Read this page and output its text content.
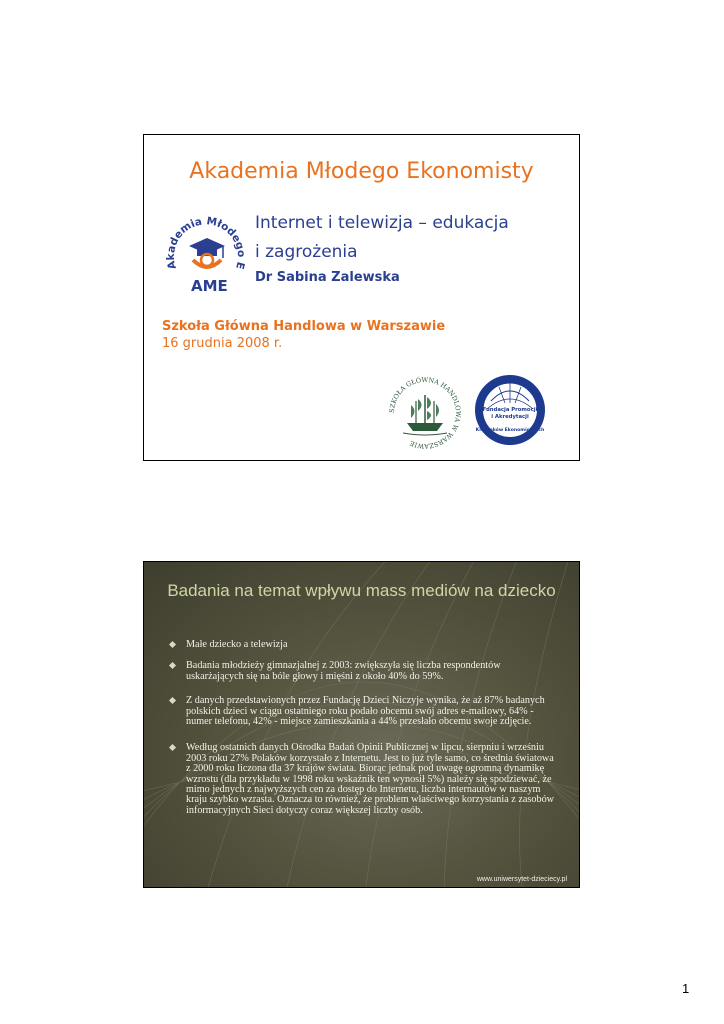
Akademia Młodego Ekonomisty
Akademia Młodego E
AME
Internet i telewizja – edukacja
i zagrożenia
Dr Sabina Zalewska
Szkoła Główna Handlowa w Warszawie
16 grudnia 2008 r.
SZKOŁA GŁÓWNA HANDLOWA W WARSZAWIE
Fundacja Promocji
i Akredytacji
Kierunków Ekonomicznych
Badania na temat wpływu mass mediów na dziecko
Małe dziecko a telewizja
Badania młodzieży gimnazjalnej z 2003: zwiększyła się liczba respondentów uskarżających się na bóle głowy i mięśni z około 40% do 59%.
Z danych przedstawionych przez Fundację Dzieci Niczyje wynika, że aż 87% badanych polskich dzieci w ciągu ostatniego roku podało obcemu swój adres e-mailowy, 64% - numer telefonu, 42% - miejsce zamieszkania a 44% przesłało obcemu swoje zdjęcie.
Według ostatnich danych Ośrodka Badań Opinii Publicznej w lipcu, sierpniu i wrześniu 2003 roku 27% Polaków korzystało z Internetu. Jest to już tyle samo, co średnia światowa z 2000 roku liczona dla 37 krajów świata. Biorąc jednak pod uwagę ogromną dynamikę wzrostu (dla przykładu w 1998 roku wskaźnik ten wynosił 5%) należy się spodziewać, że mimo jednych z najwyższych cen za dostęp do Internetu, liczba internautów w naszym kraju szybko wzrasta. Oznacza to również, że problem właściwego korzystania z zasobów informacyjnych Sieci dotyczy coraz większej liczby osób.
www.uniwersytet-dzieciecy.pl
1
